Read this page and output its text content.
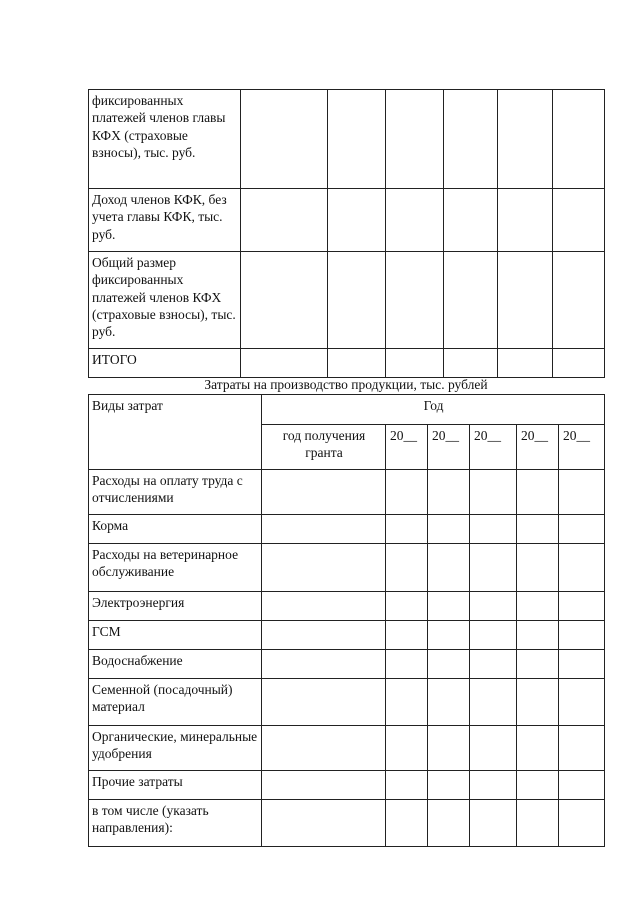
фиксированных платежей членов главы КФХ (страховые взносы), тыс. руб.						
Доход членов КФК, без учета главы КФК, тыс. руб.						
Общий размер фиксированных платежей членов КФХ (страховые взносы), тыс. руб.						
ИТОГО						
Затраты на производство продукции, тыс. рублей
Виды затрат	Год					
	год получения гранта	20__	20__	20__	20__	20__
Расходы на оплату труда с отчислениями						
Корма						
Расходы на ветеринарное обслуживание						
Электроэнергия						
ГСМ						
Водоснабжение						
Семенной (посадочный) материал						
Органические, минеральные удобрения						
Прочие затраты						
в том числе (указать направления):						
